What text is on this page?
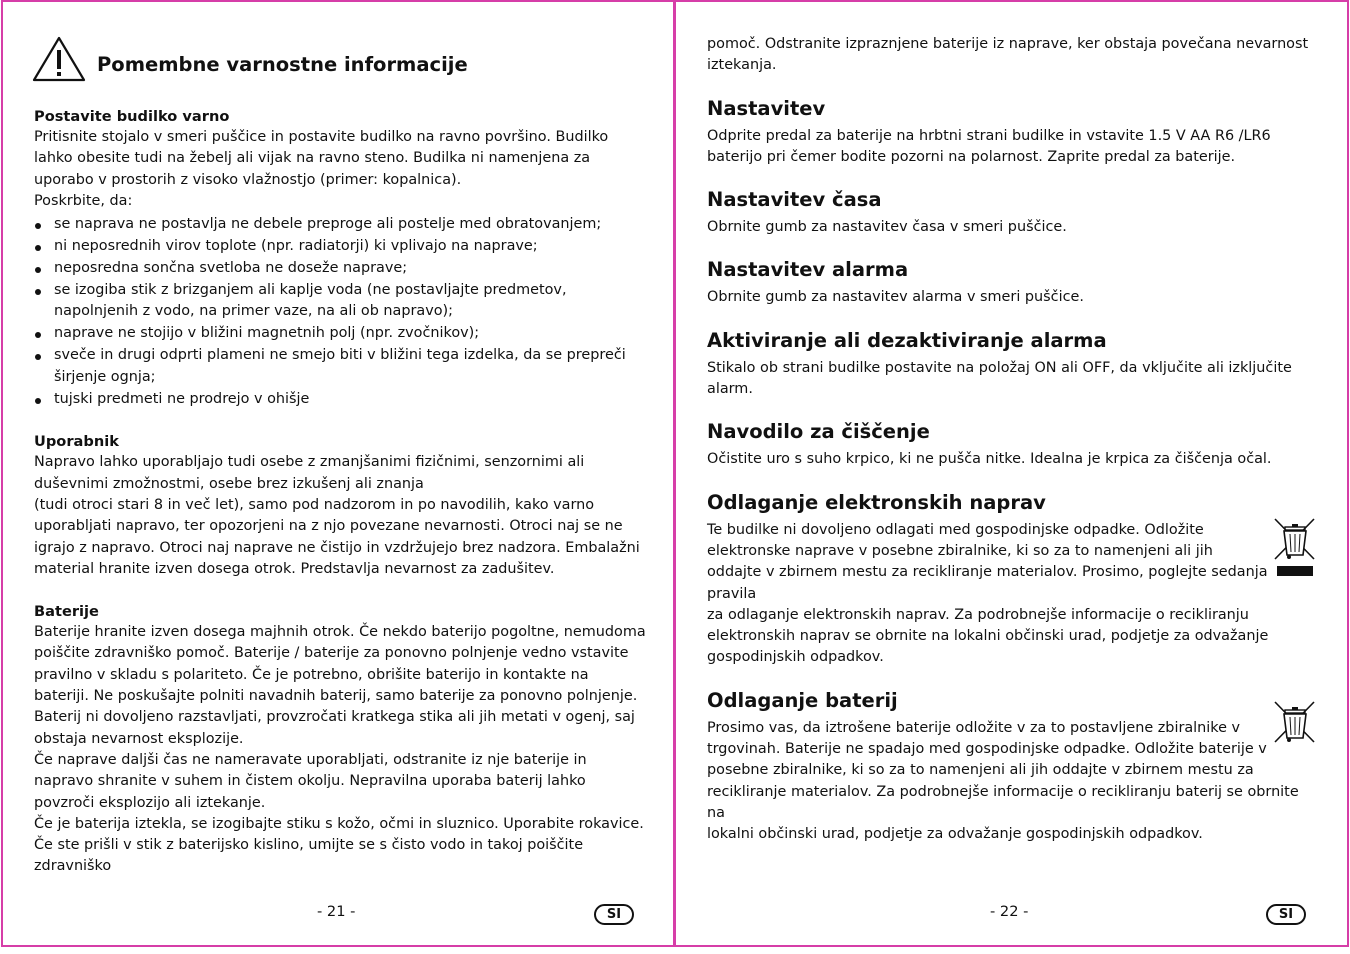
Pomembne varnostne informacije

Postavite budilko varno

Pritisnite stojalo v smeri puščice in postavite budilko na ravno površino. Budilko lahko obesite tudi na žebelj ali vijak na ravno steno. Budilka ni namenjena za uporabo v prostorih z visoko vlažnostjo (primer: kopalnica).

Poskrbite, da:

se naprava ne postavlja ne debele preproge ali postelje med obratovanjem;
ni neposrednih virov toplote (npr. radiatorji) ki vplivajo na naprave;
neposredna sončna svetloba ne doseže naprave;
se izogiba stik z brizganjem ali kaplje voda (ne postavljajte predmetov, napolnjenih z vodo, na primer vaze, na ali ob napravo);
naprave ne stojijo v bližini magnetnih polj (npr. zvočnikov);
sveče in drugi odprti plameni ne smejo biti v bližini tega izdelka, da se prepreči širjenje ognja;
tujski predmeti ne prodrejo v ohišje

Uporabnik

Napravo lahko uporabljajo tudi osebe z zmanjšanimi fizičnimi, senzornimi ali duševnimi zmožnostmi, osebe brez izkušenj ali znanja

(tudi otroci stari 8 in več let), samo pod nadzorom in po navodilih, kako varno uporabljati napravo, ter opozorjeni na z njo povezane nevarnosti. Otroci naj se ne igrajo z napravo. Otroci naj naprave ne čistijo in vzdržujejo brez nadzora. Embalažni material hranite izven dosega otrok. Predstavlja nevarnost za zadušitev.

Baterije

Baterije hranite izven dosega majhnih otrok. Če nekdo baterijo pogoltne, nemudoma poiščite zdravniško pomoč. Baterije / baterije za ponovno polnjenje vedno vstavite pravilno v skladu s polariteto. Če je potrebno, obrišite baterijo in kontakte na bateriji. Ne poskušajte polniti navadnih baterij, samo baterije za ponovno polnjenje. Baterij ni dovoljeno razstavljati, provzročati kratkega stika ali jih metati v ogenj, saj obstaja nevarnost eksplozije.

Če naprave daljši čas ne nameravate uporabljati, odstranite iz nje baterije in napravo shranite v suhem in čistem okolju. Nepravilna uporaba baterij lahko povzroči eksplozijo ali iztekanje.

Če je baterija iztekla, se izogibajte stiku s kožo, očmi in sluznico. Uporabite rokavice. Če ste prišli v stik z baterijsko kislino, umijte se s čisto vodo in takoj poiščite zdravniško

- 21 -	SI

pomoč. Odstranite izpraznjene baterije iz naprave, ker obstaja povečana nevarnost iztekanja.

Nastavitev

Odprite predal za baterije na hrbtni strani budilke in vstavite 1.5 V AA R6 /LR6 baterijo pri čemer bodite pozorni na polarnost. Zaprite predal za baterije.

Nastavitev časa

Obrnite gumb za nastavitev časa v smeri puščice.

Nastavitev alarma

Obrnite gumb za nastavitev alarma v smeri puščice.

Aktiviranje ali dezaktiviranje alarma

Stikalo ob strani budilke postavite na položaj ON ali OFF, da vključite ali izključite alarm.

Navodilo za čiščenje

Očistite uro s suho krpico, ki ne pušča nitke. Idealna je krpica za čiščenja očal.

Odlaganje elektronskih naprav

Te budilke ni dovoljeno odlagati med gospodinjske odpadke. Odložite
elektronske naprave v posebne zbiralnike, ki so za to namenjeni ali jih
oddajte v zbirnem mestu za recikliranje materialov. Prosimo, poglejte sedanja pravila
za odlaganje elektronskih naprav. Za podrobnejše informacije o recikliranju
elektronskih naprav se obrnite na lokalni občinski urad, podjetje za odvažanje
gospodinjskih odpadkov.

Odlaganje baterij

Prosimo vas, da iztrošene baterije odložite v za to postavljene zbiralnike v
trgovinah. Baterije ne spadajo med gospodinjske odpadke. Odložite baterije v
posebne zbiralnike, ki so za to namenjeni ali jih oddajte v zbirnem mestu za
recikliranje materialov. Za podrobnejše informacije o recikliranju baterij se obrnite na
lokalni občinski urad, podjetje za odvažanje gospodinjskih odpadkov.
- 22 -	SI
